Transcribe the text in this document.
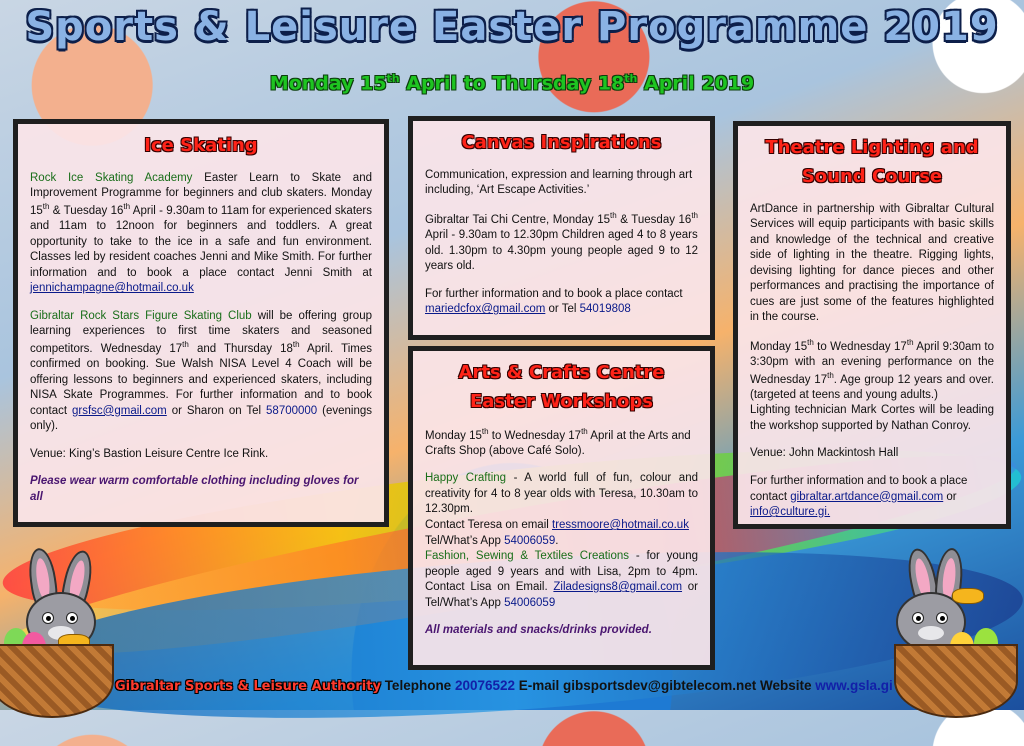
Sports & Leisure Easter Programme 2019
Monday 15th April to Thursday 18th April 2019
Ice Skating

Rock Ice Skating Academy Easter Learn to Skate and Improvement Programme for beginners and club skaters. Monday 15th & Tuesday 16th April - 9.30am to 11am for experienced skaters and 11am to 12noon for beginners and toddlers. A great opportunity to take to the ice in a safe and fun environment. Classes led by resident coaches Jenni and Mike Smith. For further information and to book a place contact Jenni Smith at jennichampagne@hotmail.co.uk

Gibraltar Rock Stars Figure Skating Club will be offering group learning experiences to first time skaters and seasoned competitors. Wednesday 17th and Thursday 18th April. Times confirmed on booking. Sue Walsh NISA Level 4 Coach will be offering lessons to beginners and experienced skaters, including NISA Skate Programmes. For further information and to book contact grsfsc@gmail.com or Sharon on Tel 58700000 (evenings only).

Venue: King’s Bastion Leisure Centre Ice Rink.

Please wear warm comfortable clothing including gloves for all

Canvas Inspirations

Communication, expression and learning through art including, ‘Art Escape Activities.’

Gibraltar Tai Chi Centre, Monday 15th & Tuesday 16th April - 9.30am to 12.30pm Children aged 4 to 8 years old. 1.30pm to 4.30pm young people aged 9 to 12 years old.

For further information and to book a place contact mariedcfox@gmail.com or Tel 54019808

Arts & Crafts Centre
Easter Workshops

Monday 15th to Wednesday 17th April at the Arts and Crafts Shop (above Café Solo).

Happy Crafting - A world full of fun, colour and creativity for 4 to 8 year olds with Teresa, 10.30am to 12.30pm.
Contact Teresa on email tressmoore@hotmail.co.uk
Tel/What’s App 54006059.

Fashion, Sewing & Textiles Creations - for young people aged 9 years and with Lisa, 2pm to 4pm. Contact Lisa on Email. Ziladesigns8@gmail.com or Tel/What’s App 54006059

All materials and snacks/drinks provided.

Theatre Lighting and
Sound Course

ArtDance in partnership with Gibraltar Cultural Services will equip participants with basic skills and knowledge of the technical and creative side of lighting in the theatre. Rigging lights, devising lighting for dance pieces and other performances and practising the importance of cues are just some of the features highlighted in the course.

Monday 15th to Wednesday 17th April 9:30am to 3:30pm with an evening performance on the Wednesday 17th. Age group 12 years and over. (targeted at teens and young adults.)
Lighting technician Mark Cortes will be leading the workshop supported by Nathan Conroy.

Venue: John Mackintosh Hall

For further information and to book a place contact gibraltar.artdance@gmail.com or info@culture.gi.

Gibraltar Sports & Leisure Authority Telephone 20076522 E-mail gibsportsdev@gibtelecom.net Website www.gsla.gi
